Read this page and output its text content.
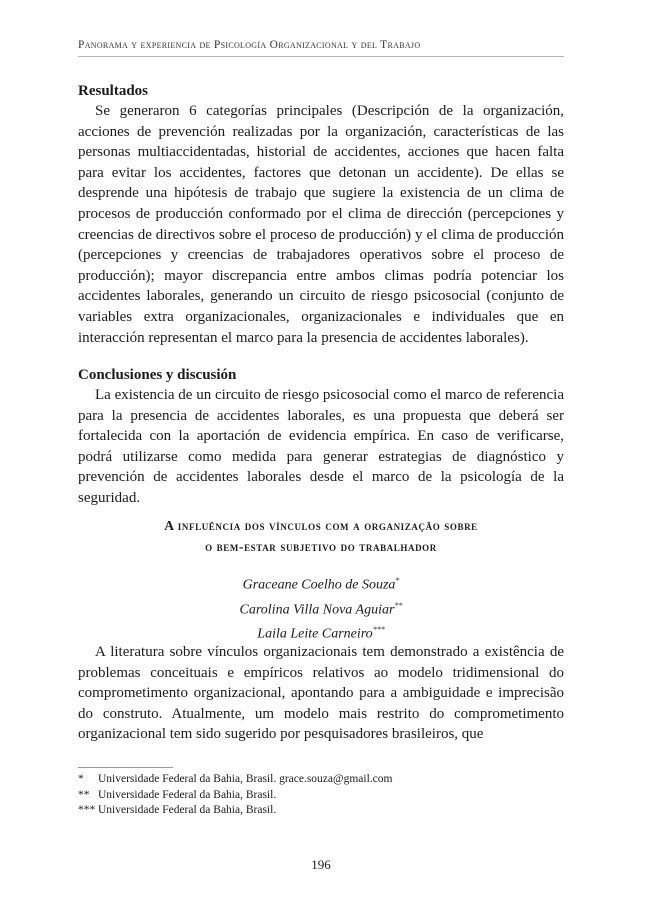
Panorama y experiencia de Psicología Organizacional y del Trabajo
Resultados

Se generaron 6 categorías principales (Descripción de la organización, acciones de prevención realizadas por la organización, características de las personas multiaccidentadas, historial de accidentes, acciones que hacen falta para evitar los accidentes, factores que detonan un accidente). De ellas se desprende una hipótesis de trabajo que sugiere la existencia de un clima de procesos de producción conformado por el clima de dirección (percepciones y creencias de directivos sobre el proceso de producción) y el clima de producción (percepciones y creencias de trabajadores operativos sobre el proceso de producción); mayor discrepancia entre ambos climas podría potenciar los accidentes laborales, generando un circuito de riesgo psicosocial (conjunto de variables extra organizacionales, organizacionales e individuales que en interacción representan el marco para la presencia de accidentes laborales).

Conclusiones y discusión

La existencia de un circuito de riesgo psicosocial como el marco de referencia para la presencia de accidentes laborales, es una propuesta que deberá ser fortalecida con la aportación de evidencia empírica. En caso de verificarse, podrá utilizarse como medida para generar estrategias de diagnóstico y prevención de accidentes laborales desde el marco de la psicología de la seguridad.

A influência dos vínculos com a organização sobre
o bem-estar subjetivo do trabalhador
Graceane Coelho de Souza*
Carolina Villa Nova Aguiar**
Laila Leite Carneiro***

A literatura sobre vínculos organizacionais tem demonstrado a existência de problemas conceituais e empíricos relativos ao modelo tridimensional do comprometimento organizacional, apontando para a ambiguidade e imprecisão do construto. Atualmente, um modelo mais restrito do comprometimento organizacional tem sido sugerido por pesquisadores brasileiros, que

*	Universidade Federal da Bahia, Brasil. grace.souza@gmail.com
** Universidade Federal da Bahia, Brasil.
*** Universidade Federal da Bahia, Brasil.
196
